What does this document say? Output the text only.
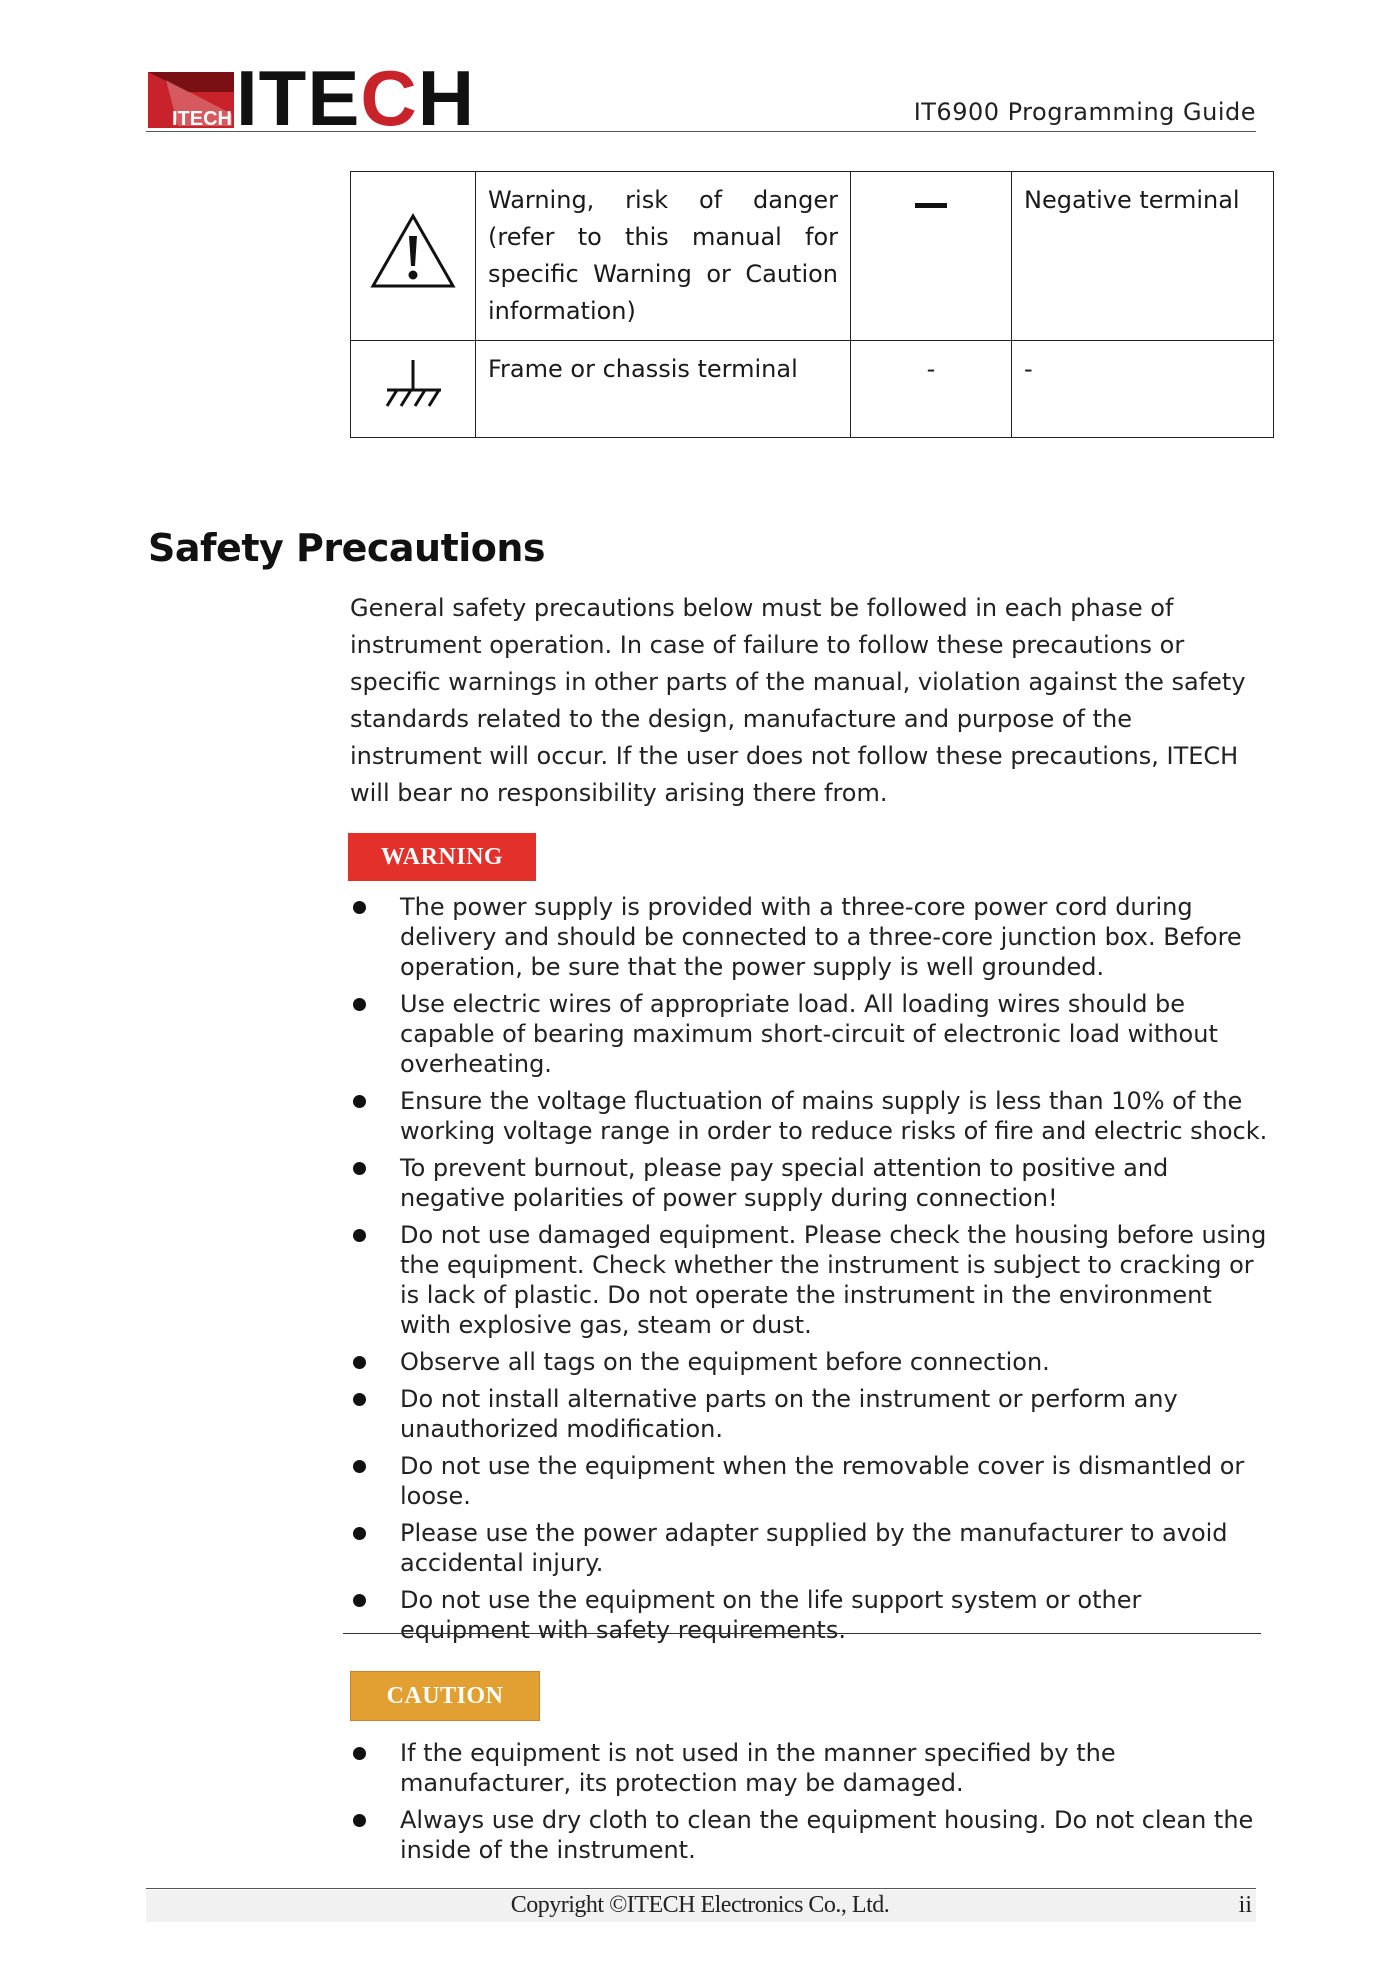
ITECH ITECH	IT6900 Programming Guide
	Warning, risk of danger (refer to this manual for specific Warning or Caution information)		Negative terminal
	Frame or chassis terminal	-	-
Safety Precautions
General safety precautions below must be followed in each phase of instrument operation. In case of failure to follow these precautions or specific warnings in other parts of the manual, violation against the safety standards related to the design, manufacture and purpose of the instrument will occur. If the user does not follow these precautions, ITECH will bear no responsibility arising there from.
WARNING
The power supply is provided with a three-core power cord during delivery and should be connected to a three-core junction box. Before operation, be sure that the power supply is well grounded.
Use electric wires of appropriate load. All loading wires should be capable of bearing maximum short-circuit of electronic load without overheating.
Ensure the voltage fluctuation of mains supply is less than 10% of the working voltage range in order to reduce risks of fire and electric shock.
To prevent burnout, please pay special attention to positive and negative polarities of power supply during connection!
Do not use damaged equipment. Please check the housing before using the equipment. Check whether the instrument is subject to cracking or is lack of plastic. Do not operate the instrument in the environment with explosive gas, steam or dust.
Observe all tags on the equipment before connection.
Do not install alternative parts on the instrument or perform any unauthorized modification.
Do not use the equipment when the removable cover is dismantled or loose.
Please use the power adapter supplied by the manufacturer to avoid accidental injury.
Do not use the equipment on the life support system or other equipment with safety requirements.
CAUTION
If the equipment is not used in the manner specified by the manufacturer, its protection may be damaged.
Always use dry cloth to clean the equipment housing. Do not clean the inside of the instrument.
Copyright ©ITECH Electronics Co., Ltd.	ii
